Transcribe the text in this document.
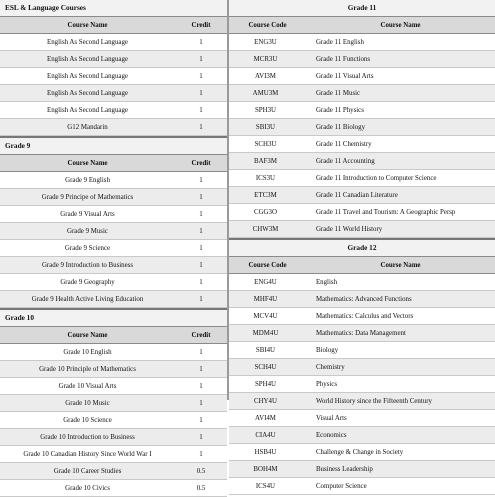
ESL & Language Courses
Course Name	Credit
English As Second Language	1
English As Second Language	1
English As Second Language	1
English As Second Language	1
English As Second Language	1
G12 Mandarin	1
Grade 9
Course Name	Credit
Grade 9 English	1
Grade 9 Principe of Mathematics	1
Grade 9 Visual Arts	1
Grade 9 Music	1
Grade 9 Science	1
Grade 9 Introduction to Business	1
Grade 9 Geography	1
Grade 9 Health Active Living Education	1
Grade 10
Course Name	Credit
Grade 10 English	1
Grade 10 Principle of Mathematics	1
Grade 10 Visual Arts	1
Grade 10 Music	1
Grade 10 Science	1
Grade 10 Introduction to Business	1
Grade 10 Canadian History Since World War I	1
Grade 10 Career Studies	0.5
Grade 10 Civics	0.5
Grade 11
Course Code	Course Name
ENG3U	Grade 11 English
MCR3U	Grade 11 Functions
AVI3M	Grade 11 Visual Arts
AMU3M	Grade 11 Music
SPH3U	Grade 11 Physics
SBI3U	Grade 11 Biology
SCH3U	Grade 11 Chemistry
BAF3M	Grade 11 Accounting
ICS3U	Grade 11 Introduction to Computer Science
ETC3M	Grade 11 Canadian Literature
CGG3O	Grade 11 Travel and Tourism: A Geographic Persp
CHW3M	Grade 11 World History
Grade 12
Course Code	Course Name
ENG4U	English
MHF4U	Mathematics: Advanced Functions
MCV4U	Mathematics: Calculus and Vectors
MDM4U	Mathematics: Data Management
SBI4U	Biology
SCH4U	Chemistry
SPH4U	Physics
CHY4U	World History since the Fifteenth Century
AVI4M	Visual Arts
CIA4U	Economics
HSB4U	Challenge & Change in Society
BOH4M	Business Leadership
ICS4U	Computer Science
